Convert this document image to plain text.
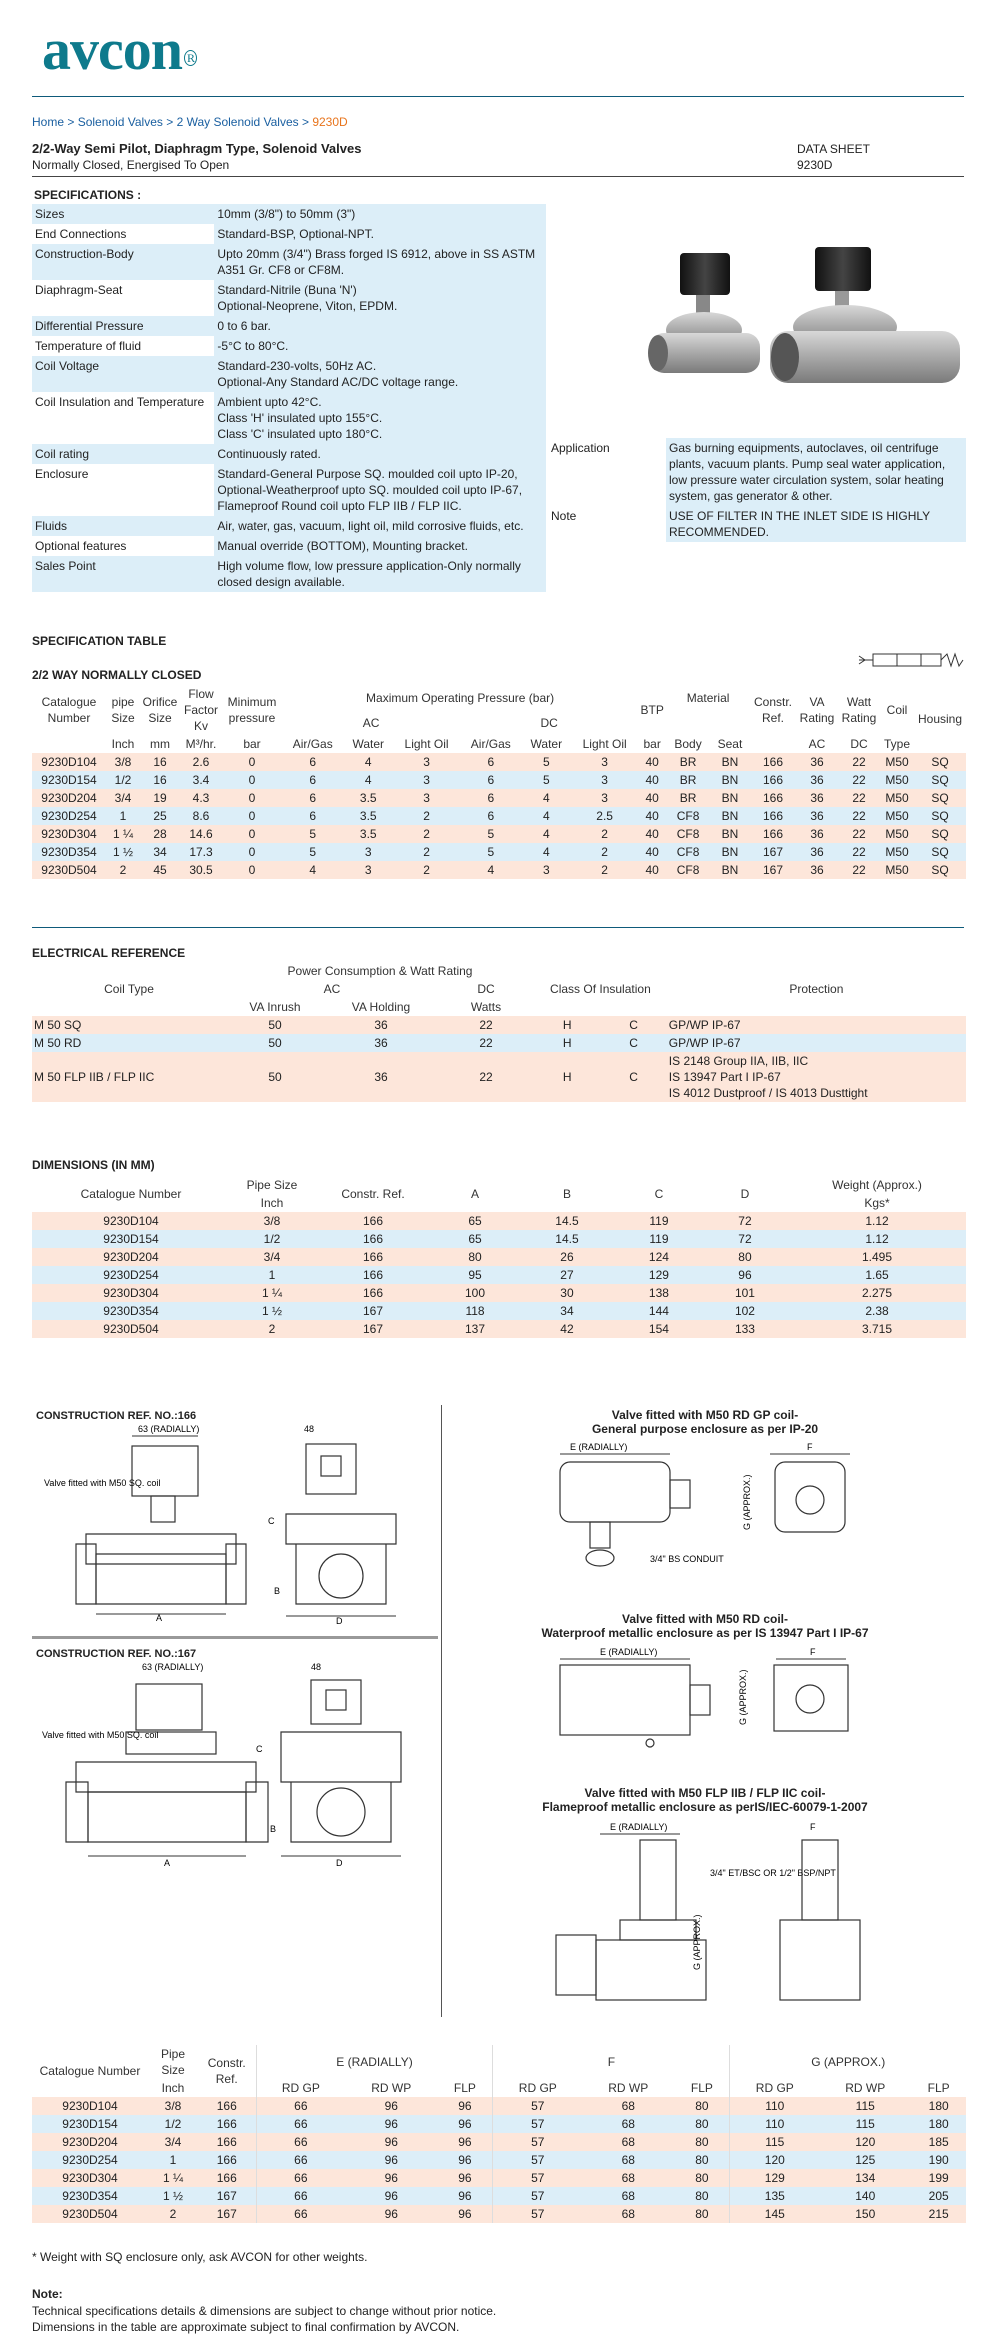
avcon $^R$
Home > Solenoid Valves > 2 Way Solenoid Valves > 9230D
2/2-Way Semi Pilot, Diaphragm Type, Solenoid Valves
Normally Closed, Energised To Open
DATA SHEET
9230D
SPECIFICATIONS :
Sizes	10mm (3/8") to 50mm (3")
End Connections	Standard-BSP, Optional-NPT.
Construction-Body	Upto 20mm (3/4") Brass forged IS 6912, above in SS ASTM A351 Gr. CF8 or CF8M.
Diaphragm-Seat	Standard-Nitrile (Buna 'N')
Optional-Neoprene, Viton, EPDM.
Differential Pressure	0 to 6 bar.
Temperature of fluid	-5°C to 80°C.
Coil Voltage	Standard-230-volts, 50Hz AC.
Optional-Any Standard AC/DC voltage range.
Coil Insulation and Temperature	Ambient upto 42°C.
Class 'H' insulated upto 155°C.
Class 'C' insulated upto 180°C.
Coil rating	Continuously rated.
Enclosure	Standard-General Purpose SQ. moulded coil upto IP-20,
Optional-Weatherproof upto SQ. moulded coil upto IP-67,
Flameproof Round coil upto FLP IIB / FLP IIC.
Fluids	Air, water, gas, vacuum, light oil, mild corrosive fluids, etc.
Optional features	Manual override (BOTTOM), Mounting bracket.
Sales Point	High volume flow, low pressure application-Only normally closed design available.
Application	Gas burning equipments, autoclaves, oil centrifuge plants, vacuum plants. Pump seal water application, low pressure water circulation system, solar heating system, gas generator & other.
Note	USE OF FILTER IN THE INLET SIDE IS HIGHLY RECOMMENDED.
SPECIFICATION TABLE
2/2 WAY NORMALLY CLOSED
Catalogue Number	pipe Size	Orifice Size	Flow Factor Kv	Minimum pressure	Maximum Operating Pressure (bar)						BTP	Material		Constr. Ref.	VA Rating	Watt Rating	Coil	Housing
					AC			DC										
	Inch	mm	M³/hr.	bar	Air/Gas	Water	Light Oil	Air/Gas	Water	Light Oil	bar	Body	Seat		AC	DC	Type	
9230D104	3/8	16	2.6	0	6	4	3	6	5	3	40	BR	BN	166	36	22	M50	SQ
9230D154	1/2	16	3.4	0	6	4	3	6	5	3	40	BR	BN	166	36	22	M50	SQ
9230D204	3/4	19	4.3	0	6	3.5	3	6	4	3	40	BR	BN	166	36	22	M50	SQ
9230D254	1	25	8.6	0	6	3.5	2	6	4	2.5	40	CF8	BN	166	36	22	M50	SQ
9230D304	1 ¼	28	14.6	0	5	3.5	2	5	4	2	40	CF8	BN	166	36	22	M50	SQ
9230D354	1 ½	34	17.3	0	5	3	2	5	4	2	40	CF8	BN	167	36	22	M50	SQ
9230D504	2	45	30.5	0	4	3	2	4	3	2	40	CF8	BN	167	36	22	M50	SQ
ELECTRICAL REFERENCE
Coil Type	Power Consumption & Watt Rating			Class Of Insulation		Protection
	AC		DC			
	VA Inrush	VA Holding	Watts			
M 50 SQ	50	36	22	H	C	GP/WP IP-67
M 50 RD	50	36	22	H	C	GP/WP IP-67
M 50 FLP IIB / FLP IIC	50	36	22	H	C	IS 2148 Group IIA, IIB, IIC
IS 13947 Part I IP-67
IS 4012 Dustproof / IS 4013 Dusttight
DIMENSIONS (IN MM)
Catalogue Number	Pipe Size	Constr. Ref.	A	B	C	D	Weight (Approx.)
	Inch						Kgs*
9230D104	3/8	166	65	14.5	119	72	1.12
9230D154	1/2	166	65	14.5	119	72	1.12
9230D204	3/4	166	80	26	124	80	1.495
9230D254	1	166	95	27	129	96	1.65
9230D304	1 ¼	166	100	30	138	101	2.275
9230D354	1 ½	167	118	34	144	102	2.38
9230D504	2	167	137	42	154	133	3.715
CONSTRUCTION REF. NO.:166
CONSTRUCTION REF. NO.:167
63 (RADIALLY)
Valve fitted with M50 SQ. coil
A
48
D
C
B
63 (RADIALLY)
Valve fitted with M50 SQ. coil
A
48
D
C
B
Valve fitted with M50 RD GP coil-
General purpose enclosure as per IP-20
E (RADIALLY)
3/4" BS CONDUIT
F
G (APPROX.)
Valve fitted with M50 RD coil-
Waterproof metallic enclosure as per IS 13947 Part I IP-67
E (RADIALLY)	F
G (APPROX.)
Valve fitted with M50 FLP IIB / FLP IIC coil-
Flameproof metallic enclosure as perIS/IEC-60079-1-2007
E (RADIALLY)
3/4" ET/BSC OR 1/2" BSP/NPT
F
G (APPROX.)
Catalogue Number	Pipe Size	Constr. Ref.	E (RADIALLY)			F			G (APPROX.)		
	Inch		RD GP	RD WP	FLP	RD GP	RD WP	FLP	RD GP	RD WP	FLP
9230D104	3/8	166	66	96	96	57	68	80	110	115	180
9230D154	1/2	166	66	96	96	57	68	80	110	115	180
9230D204	3/4	166	66	96	96	57	68	80	115	120	185
9230D254	1	166	66	96	96	57	68	80	120	125	190
9230D304	1 ¼	166	66	96	96	57	68	80	129	134	199
9230D354	1 ½	167	66	96	96	57	68	80	135	140	205
9230D504	2	167	66	96	96	57	68	80	145	150	215
* Weight with SQ enclosure only, ask AVCON for other weights.
Note:
Technical specifications details & dimensions are subject to change without prior notice.
Dimensions in the table are approximate subject to final confirmation by AVCON.
